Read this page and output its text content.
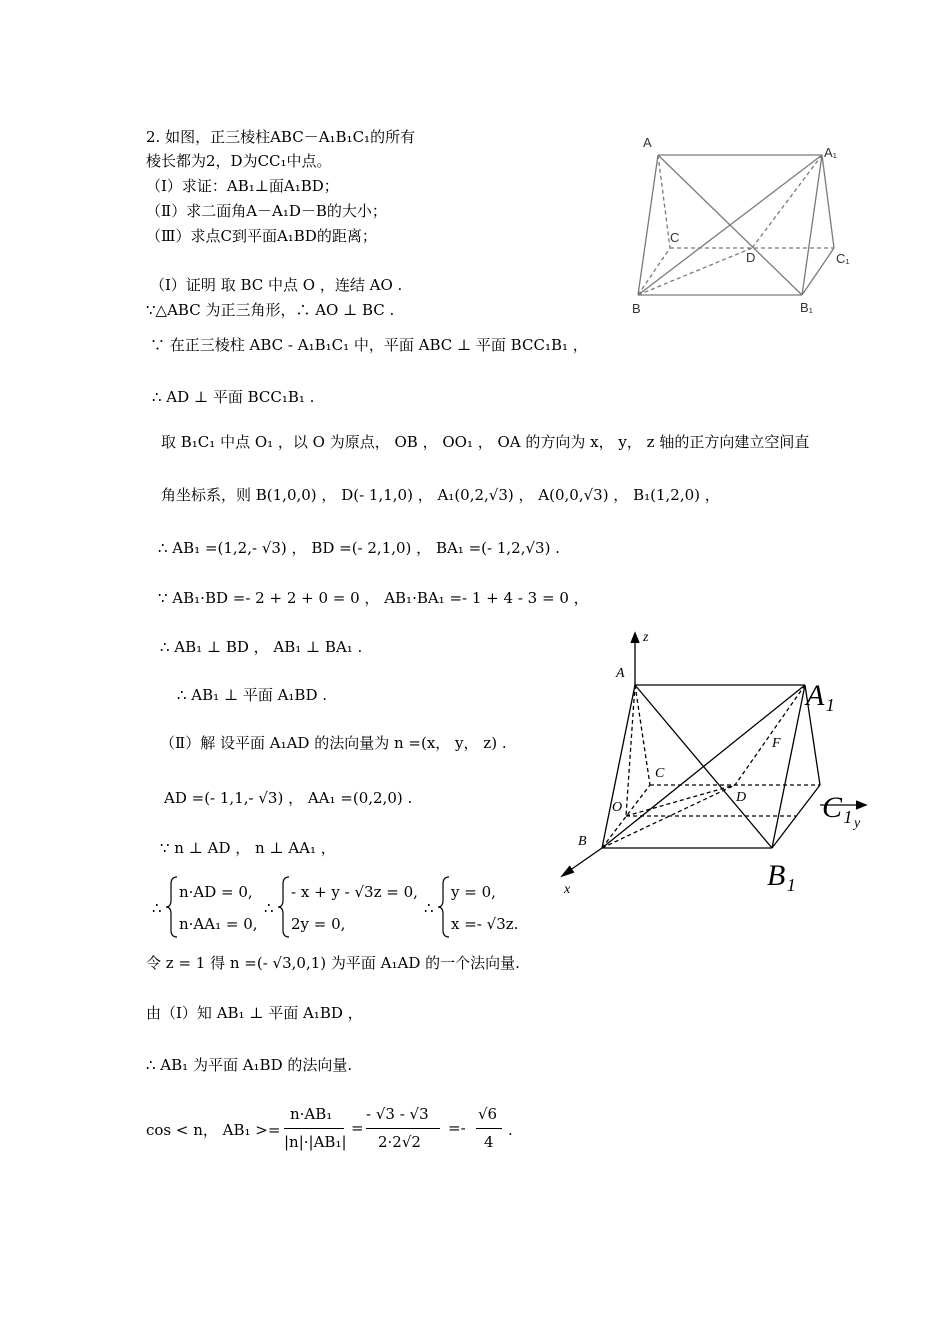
2. 如图，正三棱柱ABC－A₁B₁C₁的所有
棱长都为2，D为CC₁中点。
（Ⅰ）求证：AB₁⊥面A₁BD；
（Ⅱ）求二面角A－A₁D－B的大小；
（Ⅲ）求点C到平面A₁BD的距离；
A
A₁
C
D	C₁
B	B₁
（Ⅰ）证明 取 BC 中点 O ，连结 AO .
∵△ABC 为正三角形，∴ AO ⊥ BC .
∵ 在正三棱柱 ABC - A₁B₁C₁ 中，平面 ABC ⊥ 平面 BCC₁B₁ ，
∴ AD ⊥ 平面 BCC₁B₁ .
取 B₁C₁ 中点 O₁ ，以 O 为原点， OB ， OO₁ ， OA 的方向为 x， y， z 轴的正方向建立空间直
角坐标系，则 B(1,0,0) ， D(- 1,1,0) ， A₁(0,2,√3) ， A(0,0,√3) ， B₁(1,2,0) ，
∴ AB₁ =(1,2,- √3) ， BD =(- 2,1,0) ， BA₁ =(- 1,2,√3) .
∵ AB₁·BD =- 2 + 2 + 0 = 0 ， AB₁·BA₁ =- 1 + 4 - 3 = 0 ，
∴ AB₁ ⊥ BD ， AB₁ ⊥ BA₁ .
∴ AB₁ ⊥ 平面 A₁BD .
（Ⅱ）解 设平面 A₁AD 的法向量为 n =(x， y， z) .
AD =(- 1,1,- √3) ， AA₁ =(0,2,0) .
∵ n ⊥ AD ， n ⊥ AA₁ ，
∴
n·AD = 0,
n·AA₁ = 0,
∴
- x + y - √3z = 0,
2y = 0,
∴
y = 0,
x =- √3z.
令 z = 1 得 n =(- √3,0,1) 为平面 A₁AD 的一个法向量.
由（Ⅰ）知 AB₁ ⊥ 平面 A₁BD ，
∴ AB₁ 为平面 A₁BD 的法向量.
cos < n， AB₁ >=
n·AB₁
|n|·|AB₁|
=
- √3 - √3
2·2√2
=-
√6
4
.
z
A
A₁
F
C
O
D	C₁ y
B
B₁
x
